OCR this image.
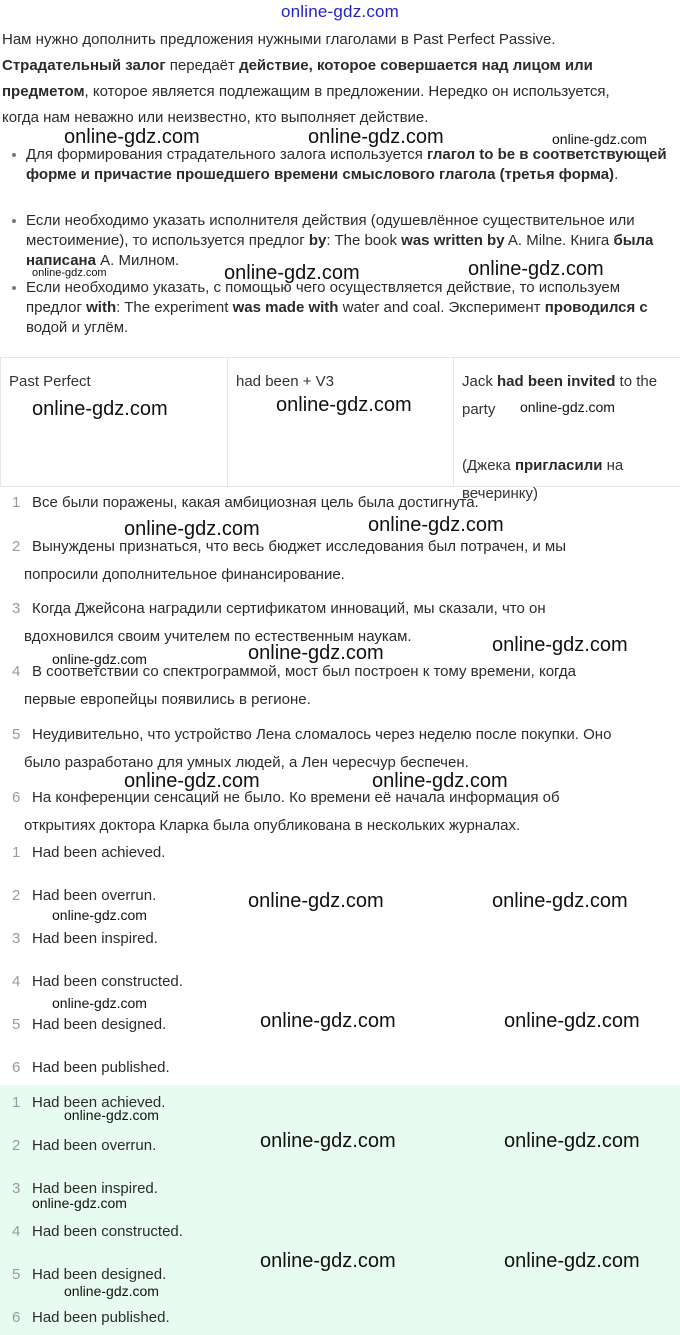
online-gdz.com
Нам нужно дополнить предложения нужными глаголами в Past Perfect Passive.
Страдательный залог передаёт действие, которое совершается над лицом или
предметом, которое является подлежащим в предложении. Нередко он используется,
когда нам неважно или неизвестно, кто выполняет действие.
Для формирования страдательного залога используется глагол to be в соответствующей форме и причастие прошедшего времени смыслового глагола (третья форма).
Если необходимо указать исполнителя действия (одушевлённое существительное или местоимение), то используется предлог by: The book was written by A. Milne. Книга была написана А. Милном.
Если необходимо указать, с помощью чего осуществляется действие, то используем предлог with: The experiment was made with water and coal. Эксперимент проводился с водой и углём.
Past Perfect	had been + V3	Jack had been invited to the party

(Джека пригласили на вечеринку)
1 Все были поражены, какая амбициозная цель была достигнута.
2 Вынуждены признаться, что весь бюджет исследования был потрачен, и мы
попросили дополнительное финансирование.
3 Когда Джейсона наградили сертификатом инноваций, мы сказали, что он
вдохновился своим учителем по естественным наукам.
4 В соответствии со спектрограммой, мост был построен к тому времени, когда
первые европейцы появились в регионе.
5 Неудивительно, что устройство Лена сломалось через неделю после покупки. Оно
было разработано для умных людей, а Лен чересчур беспечен.
6 На конференции сенсаций не было. Ко времени её начала информация об
открытиях доктора Кларка была опубликована в нескольких журналах.
1 Had been achieved.
2 Had been overrun.
3 Had been inspired.
4 Had been constructed.
5 Had been designed.
6 Had been published.
1 Had been achieved.
2 Had been overrun.
3 Had been inspired.
4 Had been constructed.
5 Had been designed.
6 Had been published.
online-gdz.com	online-gdz.com	online-gdz.com
online-gdz.com	online-gdz.com	online-gdz.com
online-gdz.com	online-gdz.com	online-gdz.com
online-gdz.com	online-gdz.com
online-gdz.com
online-gdz.com	online-gdz.com
online-gdz.com	online-gdz.com
online-gdz.com	online-gdz.com
online-gdz.com
online-gdz.com
online-gdz.com	online-gdz.com
online-gdz.com
online-gdz.com	online-gdz.com
online-gdz.com
online-gdz.com	online-gdz.com
online-gdz.com
